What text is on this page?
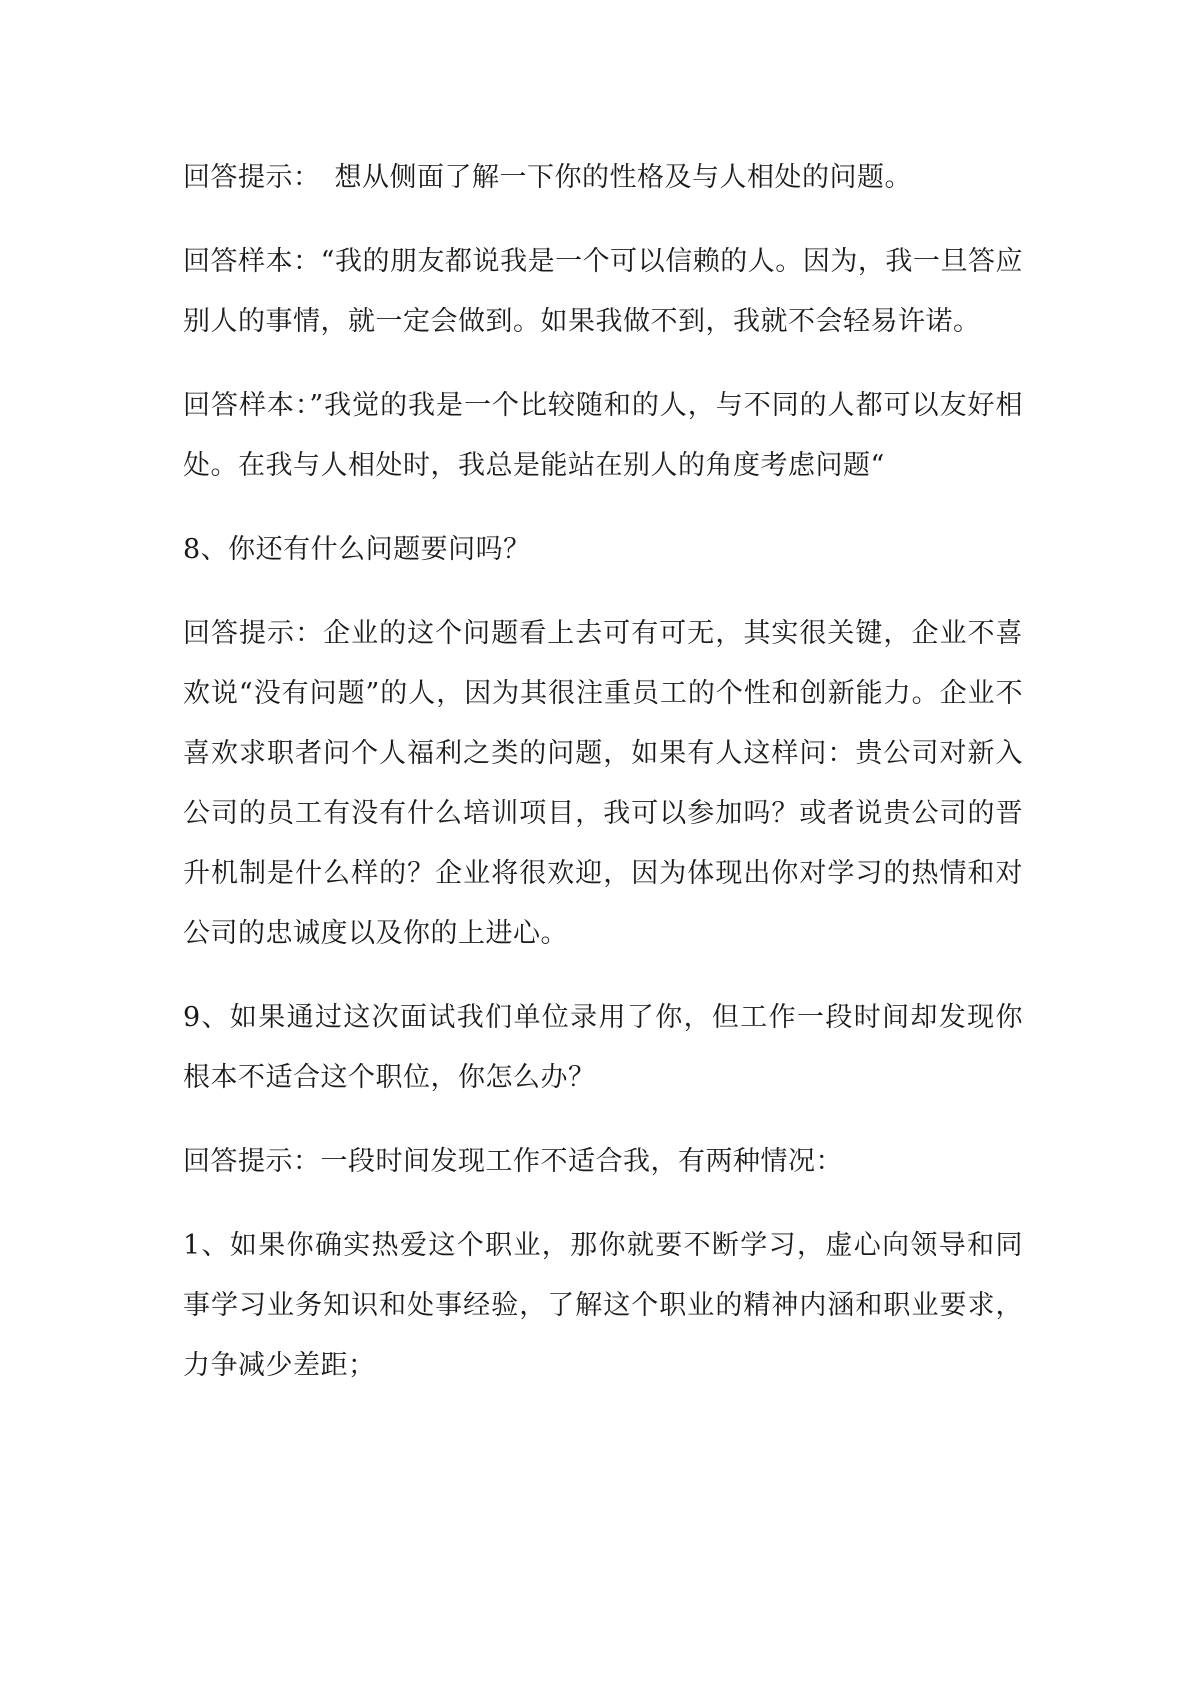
回答提示：　想从侧面了解一下你的性格及与人相处的问题。

回答样本：“我的朋友都说我是一个可以信赖的人。因为，我一旦答应别人的事情，就一定会做到。如果我做不到，我就不会轻易许诺。

回答样本：”我觉的我是一个比较随和的人，与不同的人都可以友好相处。在我与人相处时，我总是能站在别人的角度考虑问题“

8、你还有什么问题要问吗？

回答提示：企业的这个问题看上去可有可无，其实很关键，企业不喜欢说“没有问题”的人，因为其很注重员工的个性和创新能力。企业不喜欢求职者问个人福利之类的问题，如果有人这样问：贵公司对新入公司的员工有没有什么培训项目，我可以参加吗？或者说贵公司的晋升机制是什么样的？企业将很欢迎，因为体现出你对学习的热情和对公司的忠诚度以及你的上进心。

9、如果通过这次面试我们单位录用了你，但工作一段时间却发现你根本不适合这个职位，你怎么办？

回答提示：一段时间发现工作不适合我，有两种情况：

1、如果你确实热爱这个职业，那你就要不断学习，虚心向领导和同事学习业务知识和处事经验，了解这个职业的精神内涵和职业要求，力争减少差距；
